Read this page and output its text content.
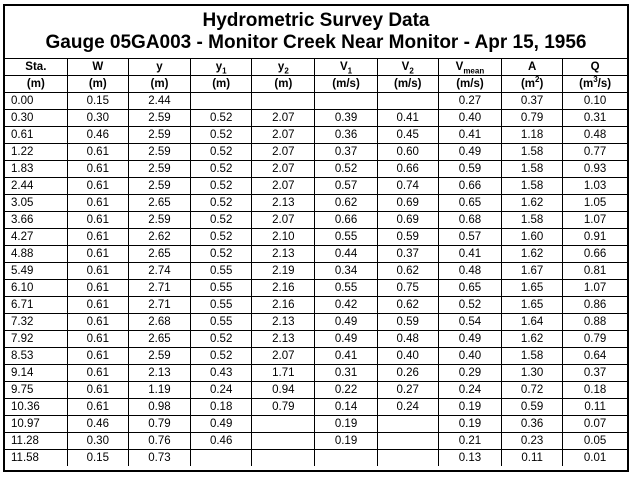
Hydrometric Survey Data
Gauge 05GA003 - Monitor Creek Near Monitor - Apr 15, 1956
Sta.	W	y	$y_1$	$y_2$	$V_1$	$V_2$	$V_{mean}$	A	Q
(m)	(m)	(m)	(m)	(m)	(m/s)	(m/s)	(m/s)	$(m^2)$	$(m^3/s)$
0.00	0.15	2.44					0.27	0.37	0.10
0.30	0.30	2.59	0.52	2.07	0.39	0.41	0.40	0.79	0.31
0.61	0.46	2.59	0.52	2.07	0.36	0.45	0.41	1.18	0.48
1.22	0.61	2.59	0.52	2.07	0.37	0.60	0.49	1.58	0.77
1.83	0.61	2.59	0.52	2.07	0.52	0.66	0.59	1.58	0.93
2.44	0.61	2.59	0.52	2.07	0.57	0.74	0.66	1.58	1.03
3.05	0.61	2.65	0.52	2.13	0.62	0.69	0.65	1.62	1.05
3.66	0.61	2.59	0.52	2.07	0.66	0.69	0.68	1.58	1.07
4.27	0.61	2.62	0.52	2.10	0.55	0.59	0.57	1.60	0.91
4.88	0.61	2.65	0.52	2.13	0.44	0.37	0.41	1.62	0.66
5.49	0.61	2.74	0.55	2.19	0.34	0.62	0.48	1.67	0.81
6.10	0.61	2.71	0.55	2.16	0.55	0.75	0.65	1.65	1.07
6.71	0.61	2.71	0.55	2.16	0.42	0.62	0.52	1.65	0.86
7.32	0.61	2.68	0.55	2.13	0.49	0.59	0.54	1.64	0.88
7.92	0.61	2.65	0.52	2.13	0.49	0.48	0.49	1.62	0.79
8.53	0.61	2.59	0.52	2.07	0.41	0.40	0.40	1.58	0.64
9.14	0.61	2.13	0.43	1.71	0.31	0.26	0.29	1.30	0.37
9.75	0.61	1.19	0.24	0.94	0.22	0.27	0.24	0.72	0.18
10.36	0.61	0.98	0.18	0.79	0.14	0.24	0.19	0.59	0.11
10.97	0.46	0.79	0.49		0.19		0.19	0.36	0.07
11.28	0.30	0.76	0.46		0.19		0.21	0.23	0.05
11.58	0.15	0.73					0.13	0.11	0.01
